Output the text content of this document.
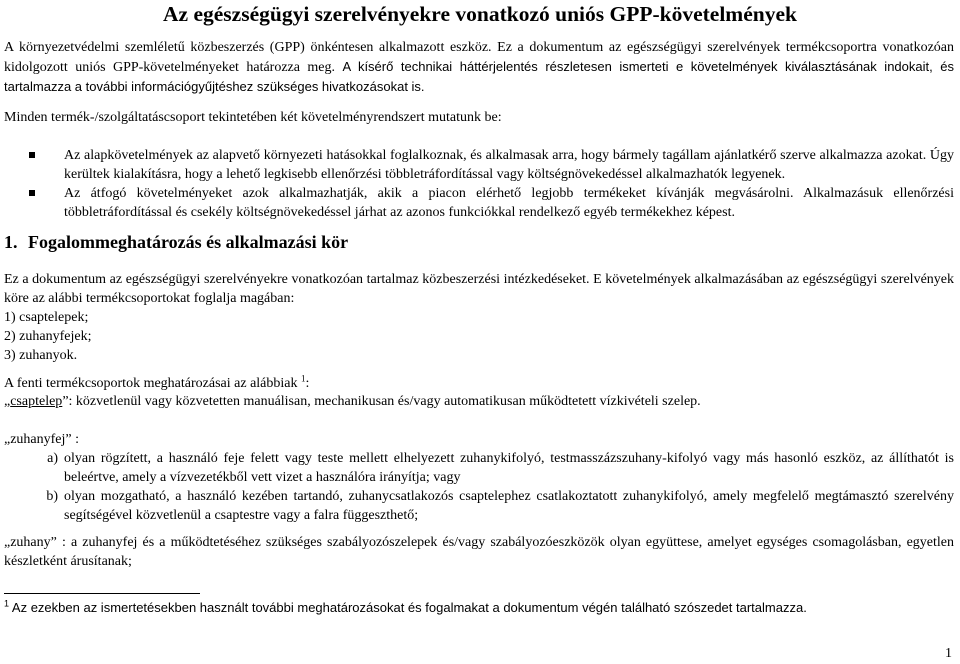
Az egészségügyi szerelvényekre vonatkozó uniós GPP-követelmények

A környezetvédelmi szemléletű közbeszerzés (GPP) önkéntesen alkalmazott eszköz. Ez a dokumentum az egészségügyi szerelvények termékcsoportra vonatkozóan kidolgozott uniós GPP-követelményeket határozza meg. A kísérő technikai háttérjelentés részletesen ismerteti e követelmények kiválasztásának indokait, és tartalmazza a további információgyűjtéshez szükséges hivatkozásokat is.

Minden termék-/szolgáltatáscsoport tekintetében két követelményrendszert mutatunk be:

Az alapkövetelmények az alapvető környezeti hatásokkal foglalkoznak, és alkalmasak arra, hogy bármely tagállam ajánlatkérő szerve alkalmazza azokat. Úgy kerültek kialakításra, hogy a lehető legkisebb ellenőrzési többletráfordítással vagy költségnövekedéssel alkalmazhatók legyenek.
Az átfogó követelményeket azok alkalmazhatják, akik a piacon elérhető legjobb termékeket kívánják megvásárolni. Alkalmazásuk ellenőrzési többletráfordítással és csekély költségnövekedéssel járhat az azonos funkciókkal rendelkező egyéb termékekhez képest.
1. Fogalommeghatározás és alkalmazási kör

Ez a dokumentum az egészségügyi szerelvényekre vonatkozóan tartalmaz közbeszerzési intézkedéseket. E követelmények alkalmazásában az egészségügyi szerelvények köre az alábbi termékcsoportokat foglalja magában:

1) csaptelepek;
2) zuhanyfejek;
3) zuhanyok.

A fenti termékcsoportok meghatározásai az alábbiak $^1$:

„csaptelep”: közvetlenül vagy közvetetten manuálisan, mechanikusan és/vagy automatikusan működtetett vízkivételi szelep.

„zuhanyfej” :

a) olyan rögzített, a használó feje felett vagy teste mellett elhelyezett zuhanykifolyó, testmasszázszuhany-kifolyó vagy más hasonló eszköz, az állíthatót is beleértve, amely a vízvezetékből vett vizet a használóra irányítja; vagy
b) olyan mozgatható, a használó kezében tartandó, zuhanycsatlakozós csaptelephez csatlakoztatott zuhanykifolyó, amely megfelelő megtámasztó szerelvény segítségével közvetlenül a csaptestre vagy a falra függeszthető;

„zuhany” : a zuhanyfej és a működtetéséhez szükséges szabályozószelepek és/vagy szabályozóeszközök olyan együttese, amelyet egységes csomagolásban, egyetlen készletként árusítanak;

$^1$ Az ezekben az ismertetésekben használt további meghatározásokat és fogalmakat a dokumentum végén található szószedet tartalmazza.

1
